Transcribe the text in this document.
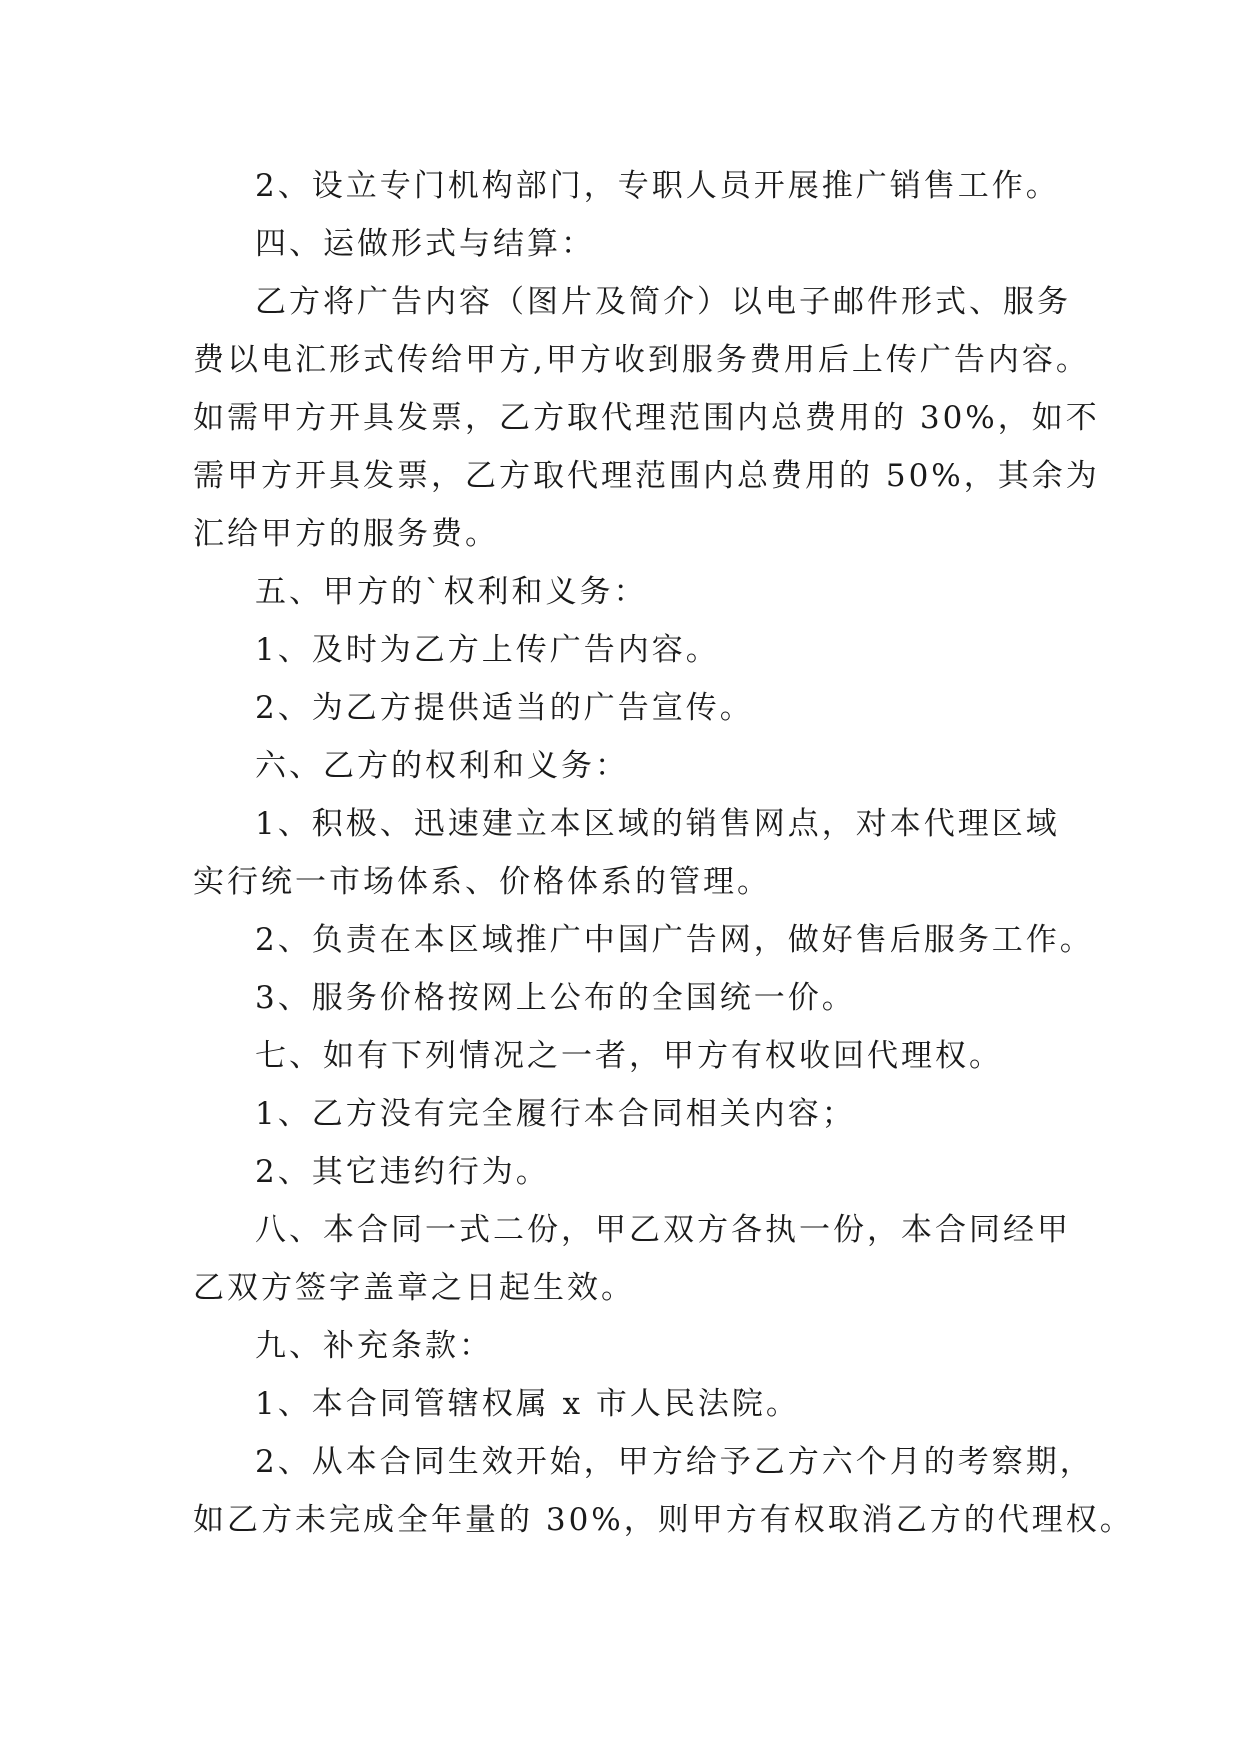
2、设立专门机构部门，专职人员开展推广销售工作。
四、运做形式与结算：
乙方将广告内容（图片及简介）以电子邮件形式、服务
费以电汇形式传给甲方,甲方收到服务费用后上传广告内容。
如需甲方开具发票，乙方取代理范围内总费用的 30%，如不
需甲方开具发票，乙方取代理范围内总费用的 50%，其余为
汇给甲方的服务费。
五、甲方的`权利和义务：
1、及时为乙方上传广告内容。
2、为乙方提供适当的广告宣传。
六、乙方的权利和义务：
1、积极、迅速建立本区域的销售网点，对本代理区域
实行统一市场体系、价格体系的管理。
2、负责在本区域推广中国广告网，做好售后服务工作。
3、服务价格按网上公布的全国统一价。
七、如有下列情况之一者，甲方有权收回代理权。
1、乙方没有完全履行本合同相关内容；
2、其它违约行为。
八、本合同一式二份，甲乙双方各执一份，本合同经甲
乙双方签字盖章之日起生效。
九、补充条款：
1、本合同管辖权属 x 市人民法院。
2、从本合同生效开始，甲方给予乙方六个月的考察期，
如乙方未完成全年量的 30%，则甲方有权取消乙方的代理权。
